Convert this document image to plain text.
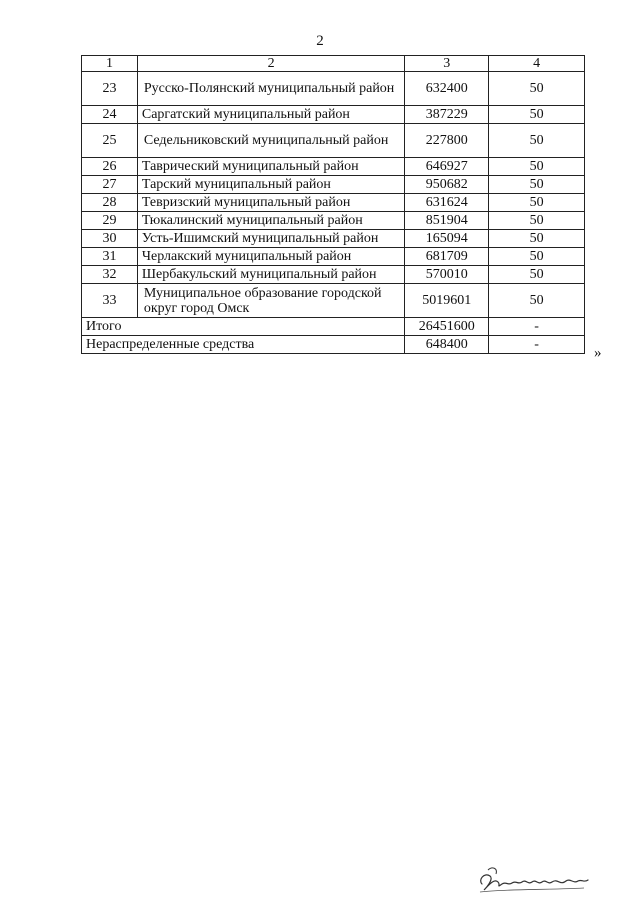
2
1	2	3	4
23	Русско-Полянский муниципальный район	632400	50
24	Саргатский муниципальный район	387229	50
25	Седельниковский муниципальный район	227800	50
26	Таврический муниципальный район	646927	50
27	Тарский муниципальный район	950682	50
28	Тевризский муниципальный район	631624	50
29	Тюкалинский муниципальный район	851904	50
30	Усть-Ишимский муниципальный район	165094	50
31	Черлакский муниципальный район	681709	50
32	Шербакульский муниципальный район	570010	50
33	Муниципальное образование городской округ город Омск	5019601	50
Итого		26451600	-
Нераспределенные средства		648400	-
»
